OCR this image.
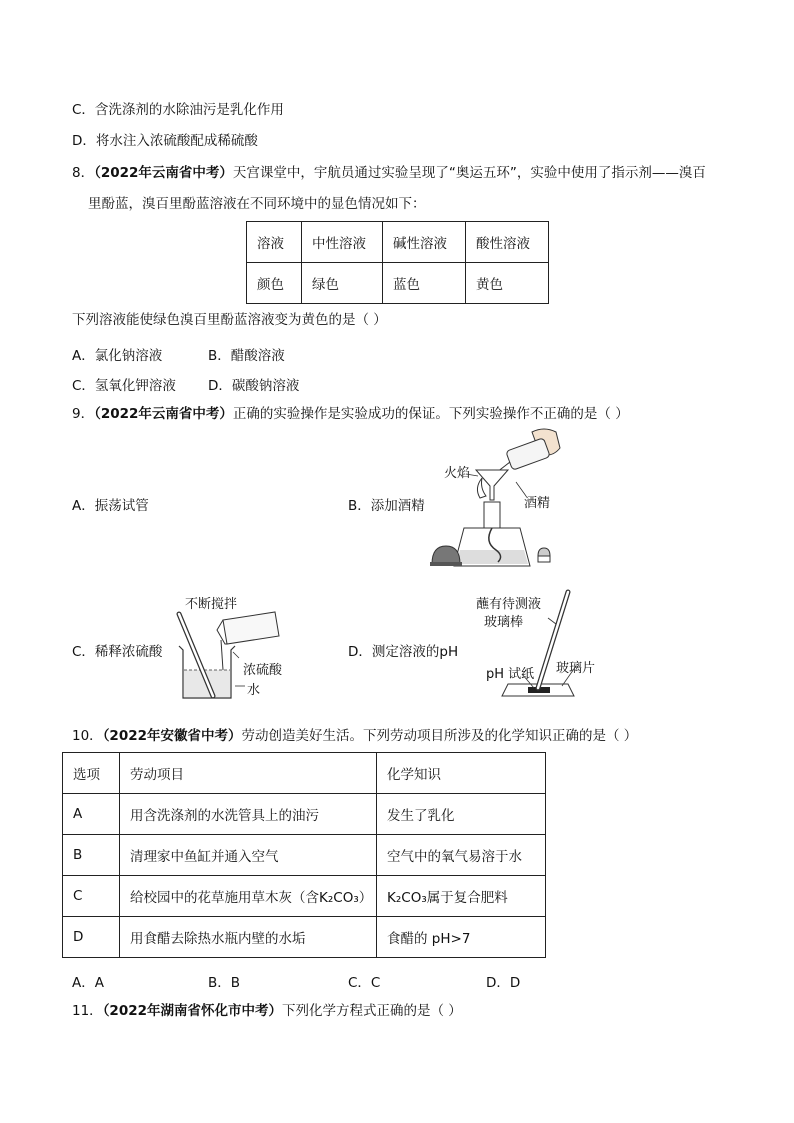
C．含洗涤剂的水除油污是乳化作用
D．将水注入浓硫酸配成稀硫酸
8．（2022年云南省中考）天宫课堂中，宇航员通过实验呈现了“奥运五环”，实验中使用了指示剂——溴百
里酚蓝，溴百里酚蓝溶液在不同环境中的显色情况如下：
溶液	中性溶液	碱性溶液	酸性溶液
颜色	绿色	蓝色	黄色
下列溶液能使绿色溴百里酚蓝溶液变为黄色的是（ ）
A．氯化钠溶液	B．醋酸溶液
C．氢氧化钾溶液 D．碳酸钠溶液
9．（2022年云南省中考）正确的实验操作是实验成功的保证。下列实验操作不正确的是（ ）
A．振荡试管	B．添加酒精
C．稀释浓硫酸	D．测定溶液的pH
火焰
酒精
不断搅拌
浓硫酸
水
蘸有待测液
玻璃棒
pH 试纸 玻璃片
10．（2022年安徽省中考）劳动创造美好生活。下列劳动项目所涉及的化学知识正确的是（ ）
选项	劳动项目	化学知识
A	用含洗涤剂的水洗管具上的油污	发生了乳化
B	清理家中鱼缸并通入空气	空气中的氧气易溶于水
C	给校园中的花草施用草木灰（含K₂CO₃）	K₂CO₃属于复合肥料
D	用食醋去除热水瓶内壁的水垢	食醋的 pH>7
A．A	B．B	C．C	D．D
11．（2022年湖南省怀化市中考）下列化学方程式正确的是（ ）
